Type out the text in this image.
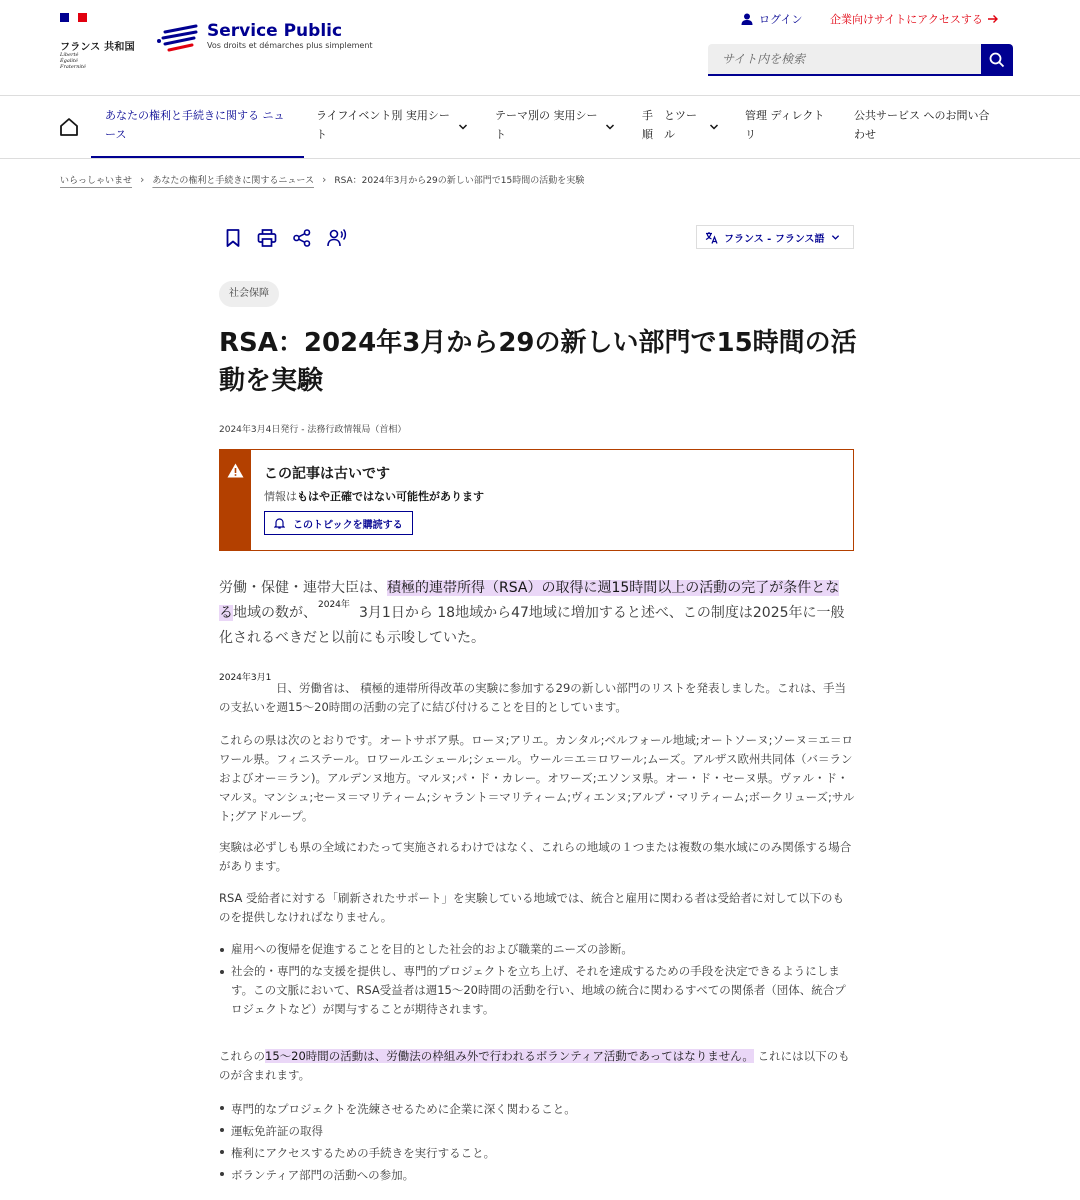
フランス 共和国
Liberté
Égalité
Fraternité
Service Public
Vos droits et démarches plus simplement
ログイン	企業向けサイトにアクセスする
サイト内を検索
あなたの権利と手続きに関する ニュース
ライフイベント別 実用シート
テーマ別の 実用シート
手 順
とツー ル
管理 ディレクト リ
公共サービス へのお問い合 わせ
いらっしゃいませ › あなたの権利と手続きに関するニュース › RSA：2024年3月から29の新しい部門で15時間の活動を実験
フランス - フランス語
社会保障
RSA：2024年3月から29の新しい部門で15時間の活動を実験
2024年3月4日発行 - 法務行政情報局（首相）
この記事は古いです
情報はもはや正確ではない可能性があります
このトピックを購読する
労働・保健・連帯大臣は、積極的連帯所得（RSA）の取得に週15時間以上の活動の完了が条件とな
る地域の数が、	3月1日から 18地域から47地域に増加すると述べ、この制度は2025年に一般
2024年
化されるべきだと以前にも示唆していた。
2024年3月1
日、労働省は、 積極的連帯所得改革の実験に参加する29の新しい部門のリストを発表しました。これは、手当の支払いを週15〜20時間の活動の完了に結び付けることを目的としています。
これらの県は次のとおりです。オートサボア県。ローヌ;アリエ。カンタル;ベルフォール地域;オートソーヌ;ソーヌ＝エ＝ロワール県。フィニステール。ロワールエシェール;シェール。ウール＝エ＝ロワール;ムーズ。アルザス欧州共同体（バ＝ランおよびオー＝ラン)。アルデンヌ地方。マルヌ;パ・ド・カレー。オワーズ;エソンヌ県。オー・ド・セーヌ県。ヴァル・ド・マルヌ。マンシュ;セーヌ＝マリティーム;シャラント＝マリティーム;ヴィエンヌ;アルプ・マリティーム;ボークリューズ;サルト;グアドループ。
実験は必ずしも県の全域にわたって実施されるわけではなく、これらの地域の１つまたは複数の集水域にのみ関係する場合があります。
RSA 受給者に対する「刷新されたサポート」を実験している地域では、統合と雇用に関わる者は受給者に対して以下のものを提供しなければなりません。
雇用への復帰を促進することを目的とした社会的および職業的ニーズの診断。
社会的・専門的な支援を提供し、専門的プロジェクトを立ち上げ、それを達成するための手段を決定できるようにします。この文脈において、RSA受益者は週15〜20時間の活動を行い、地域の統合に関わるすべての関係者（団体、統合プロジェクトなど）が関与することが期待されます。
これらの15〜20時間の活動は、労働法の枠組み外で行われるボランティア活動であってはなりません。 これには以下のものが含まれます。
専門的なプロジェクトを洗練させるために企業に深く関わること。
運転免許証の取得
権利にアクセスするための手続きを実行すること。
ボランティア部門の活動への参加。
